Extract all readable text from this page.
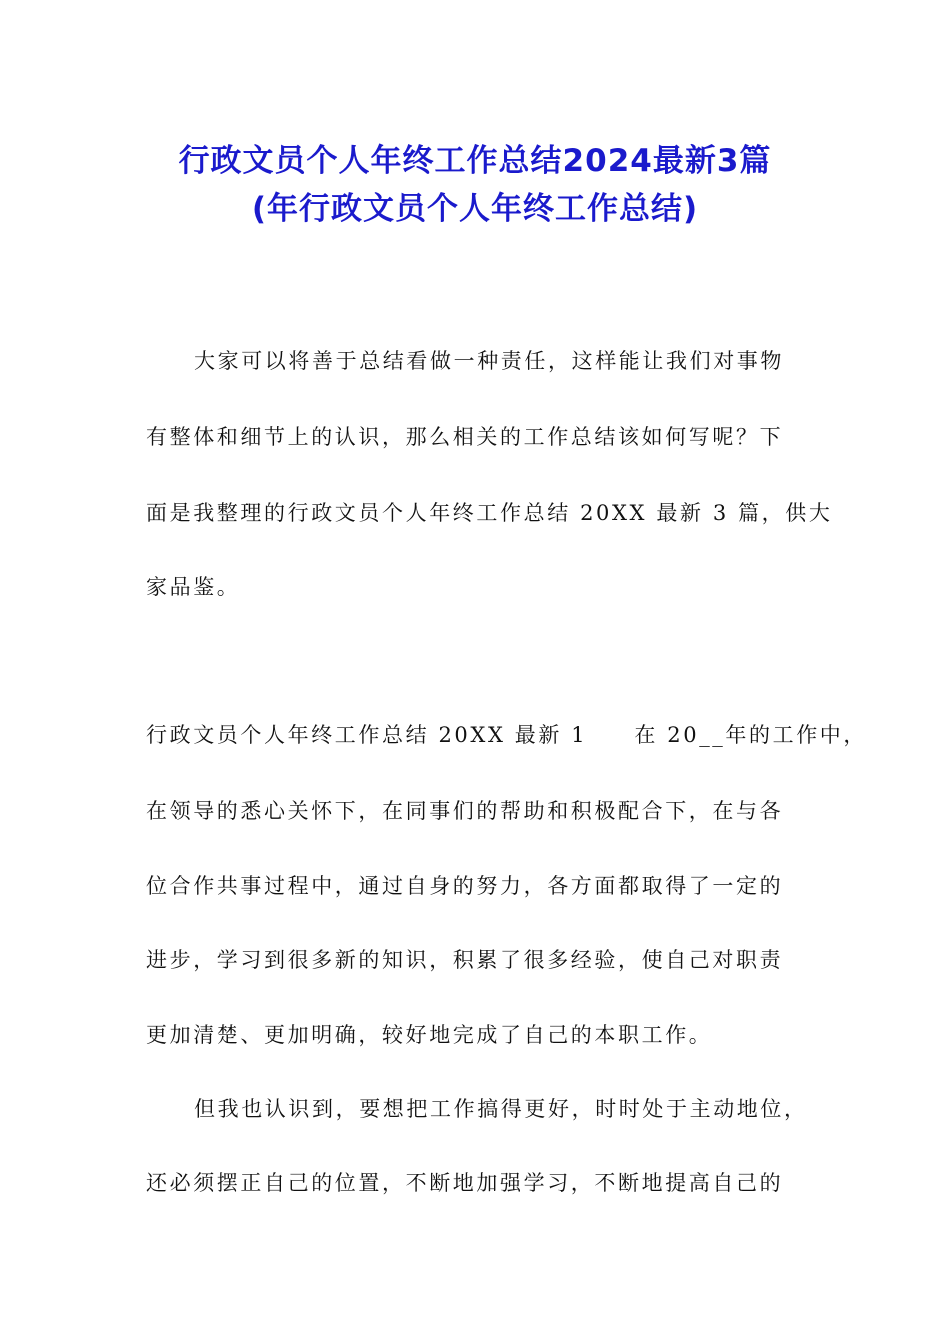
行政文员个人年终工作总结2024最新3篇
(年行政文员个人年终工作总结)

大家可以将善于总结看做一种责任，这样能让我们对事物

有整体和细节上的认识，那么相关的工作总结该如何写呢？下

面是我整理的行政文员个人年终工作总结 20XX 最新 3 篇，供大

家品鉴。

行政文员个人年终工作总结 20XX 最新 1　　在 20__年的工作中，

在领导的悉心关怀下，在同事们的帮助和积极配合下，在与各

位合作共事过程中，通过自身的努力，各方面都取得了一定的

进步，学习到很多新的知识，积累了很多经验，使自己对职责

更加清楚、更加明确，较好地完成了自己的本职工作。

但我也认识到，要想把工作搞得更好，时时处于主动地位，

还必须摆正自己的位置，不断地加强学习，不断地提高自己的
